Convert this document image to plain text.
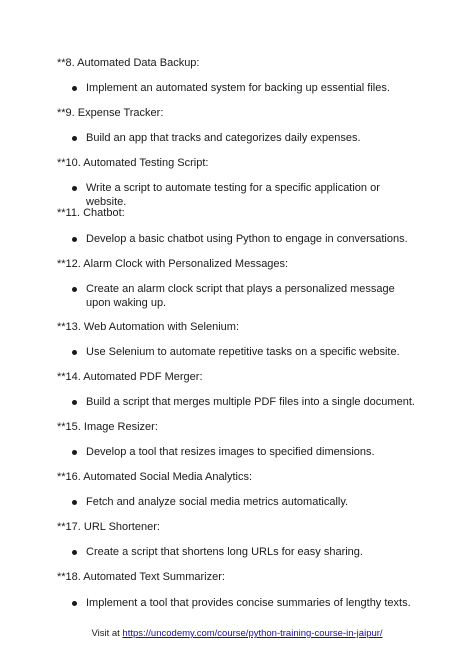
**8. Automated Data Backup:
Implement an automated system for backing up essential files.
**9. Expense Tracker:
Build an app that tracks and categorizes daily expenses.
**10. Automated Testing Script:
Write a script to automate testing for a specific application or website.
**11. Chatbot:
Develop a basic chatbot using Python to engage in conversations.
**12. Alarm Clock with Personalized Messages:
Create an alarm clock script that plays a personalized message upon waking up.
**13. Web Automation with Selenium:
Use Selenium to automate repetitive tasks on a specific website.
**14. Automated PDF Merger:
Build a script that merges multiple PDF files into a single document.
**15. Image Resizer:
Develop a tool that resizes images to specified dimensions.
**16. Automated Social Media Analytics:
Fetch and analyze social media metrics automatically.
**17. URL Shortener:
Create a script that shortens long URLs for easy sharing.
**18. Automated Text Summarizer:
Implement a tool that provides concise summaries of lengthy texts.
Visit at https://uncodemy.com/course/python-training-course-in-jaipur/
